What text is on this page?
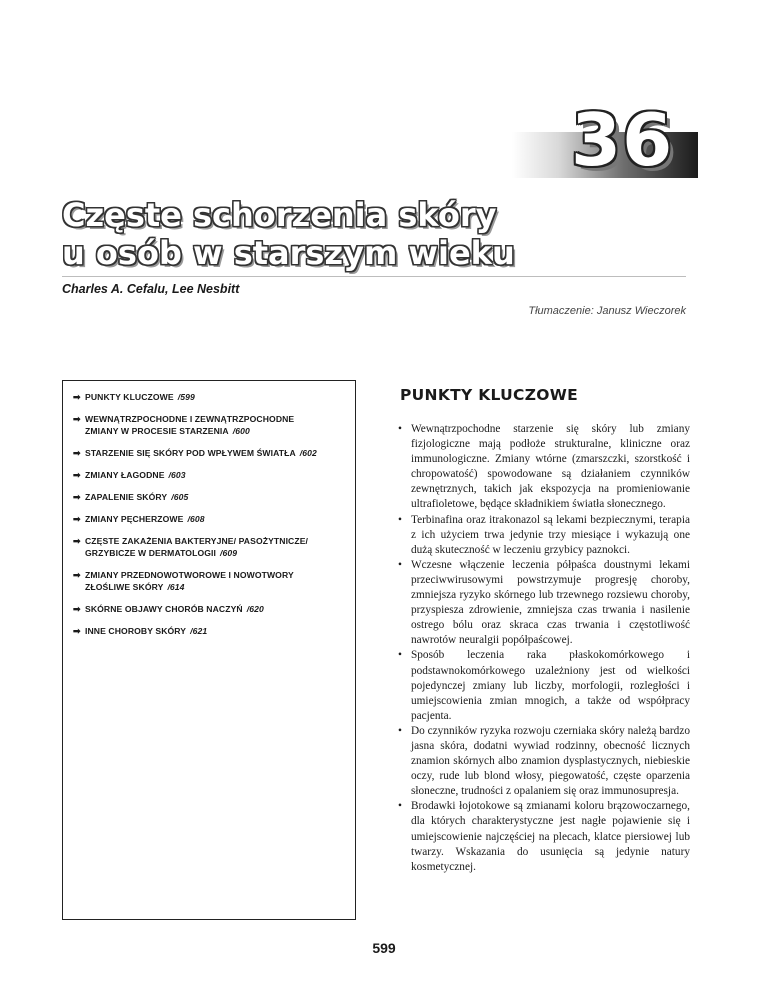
36
Częste schorzenia skóry
u osób w starszym wieku
Charles A. Cefalu, Lee Nesbitt
Tłumaczenie: Janusz Wieczorek
➡ PUNKTY KLUCZOWE /599
➡ WEWNĄTRZPOCHODNE I ZEWNĄTRZPOCHODNE
ZMIANY W PROCESIE STARZENIA /600
➡ STARZENIE SIĘ SKÓRY POD WPŁYWEM ŚWIATŁA /602
➡ ZMIANY ŁAGODNE /603
➡ ZAPALENIE SKÓRY /605
➡ ZMIANY PĘCHERZOWE /608
➡ CZĘSTE ZAKAŻENIA BAKTERYJNE/ PASOŻYTNICZE/
GRZYBICZE W DERMATOLOGII /609
➡ ZMIANY PRZEDNOWOTWOROWE I NOWOTWORY
ZŁOŚLIWE SKÓRY /614
➡ SKÓRNE OBJAWY CHORÓB NACZYŃ /620
➡ INNE CHOROBY SKÓRY /621
PUNKTY KLUCZOWE
• Wewnątrzpochodne starzenie się skóry lub zmiany fizjologiczne mają podłoże strukturalne, kliniczne oraz immunologiczne. Zmiany wtórne (zmarszczki, szorstkość i chropowatość) spowodowane są działaniem czynników zewnętrznych, takich jak ekspozycja na promieniowanie ultrafioletowe, będące składnikiem światła słonecznego.
• Terbinafina oraz itrakonazol są lekami bezpiecznymi, terapia z ich użyciem trwa jedynie trzy miesiące i wykazują one dużą skuteczność w leczeniu grzybicy paznokci.
• Wczesne włączenie leczenia półpaśca doustnymi lekami przeciwwirusowymi powstrzymuje progresję choroby, zmniejsza ryzyko skórnego lub trzewnego rozsiewu choroby, przyspiesza zdrowienie, zmniejsza czas trwania i nasilenie ostrego bólu oraz skraca czas trwania i częstotliwość nawrotów neuralgii popółpaścowej.
• Sposób leczenia raka płaskokomórkowego i podstawnokomórkowego uzależniony jest od wielkości pojedynczej zmiany lub liczby, morfologii, rozległości i umiejscowienia zmian mnogich, a także od współpracy pacjenta.
• Do czynników ryzyka rozwoju czerniaka skóry należą bardzo jasna skóra, dodatni wywiad rodzinny, obecność licznych znamion skórnych albo znamion dysplastycznych, niebieskie oczy, rude lub blond włosy, piegowatość, częste oparzenia słoneczne, trudności z opalaniem się oraz immunosupresja.
• Brodawki łojotokowe są zmianami koloru brązowoczarnego, dla których charakterystyczne jest nagłe pojawienie się i umiejscowienie najczęściej na plecach, klatce piersiowej lub twarzy. Wskazania do usunięcia są jedynie natury kosmetycznej.
599
